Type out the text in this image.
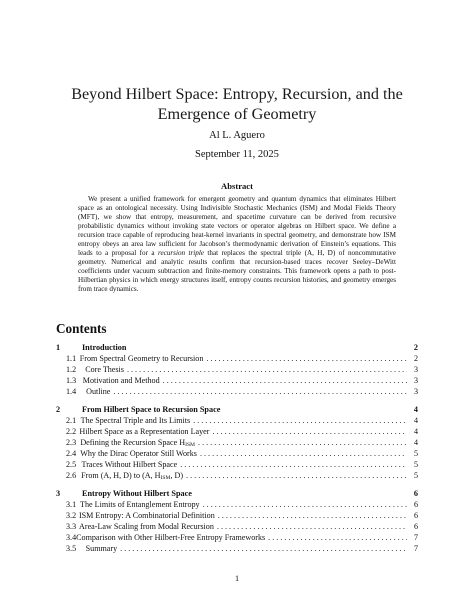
Beyond Hilbert Space: Entropy, Recursion, and the Emergence of Geometry
Al L. Aguero
September 11, 2025
Abstract

We present a unified framework for emergent geometry and quantum dynamics that eliminates Hilbert space as an ontological necessity. Using Indivisible Stochastic Mechanics (ISM) and Modal Fields Theory (MFT), we show that entropy, measurement, and spacetime curvature can be derived from recursive probabilistic dynamics without invoking state vectors or operator algebras on Hilbert space. We define a recursion trace capable of reproducing heat-kernel invariants in spectral geometry, and demonstrate how ISM entropy obeys an area law sufficient for Jacobson’s thermodynamic derivation of Einstein’s equations. This leads to a proposal for a recursion triple that replaces the spectral triple (A, H, D) of noncommutative geometry. Numerical and analytic results confirm that recursion-based traces recover Seeley–DeWitt coefficients under vacuum subtraction and finite-memory constraints. This framework opens a path to post-Hilbertian physics in which energy structures itself, entropy counts recursion histories, and geometry emerges from trace dynamics.

Contents
1	Introduction	2
1.1 From Spectral Geometry to Recursion . . .	2
1.2	Core Thesis . . .	3
1.3 Motivation and Method . . .	3
1.4	Outline . . .	3
2	From Hilbert Space to Recursion Space	4
2.1 The Spectral Triple and Its Limits . . .	4
2.2 Hilbert Space as a Representation Layer . . .	4
2.3 Defining the Recursion Space $H_{ISM}$ . . .	4
2.4 Why the Dirac Operator Still Works . . .	5
2.5 Traces Without Hilbert Space . . .	5
2.6 From (A, H, D) to (A, $H_{ISM}$, D) . . .	5
3	Entropy Without Hilbert Space	6
3.1 The Limits of Entanglement Entropy . . .	6
3.2 ISM Entropy: A Combinatorial Definition . . .	6
3.3 Area-Law Scaling from Modal Recursion . . .	6
3.4 Comparison with Other Hilbert-Free Entropy Frameworks . . .	7
3.5	Summary . . .	7
1
